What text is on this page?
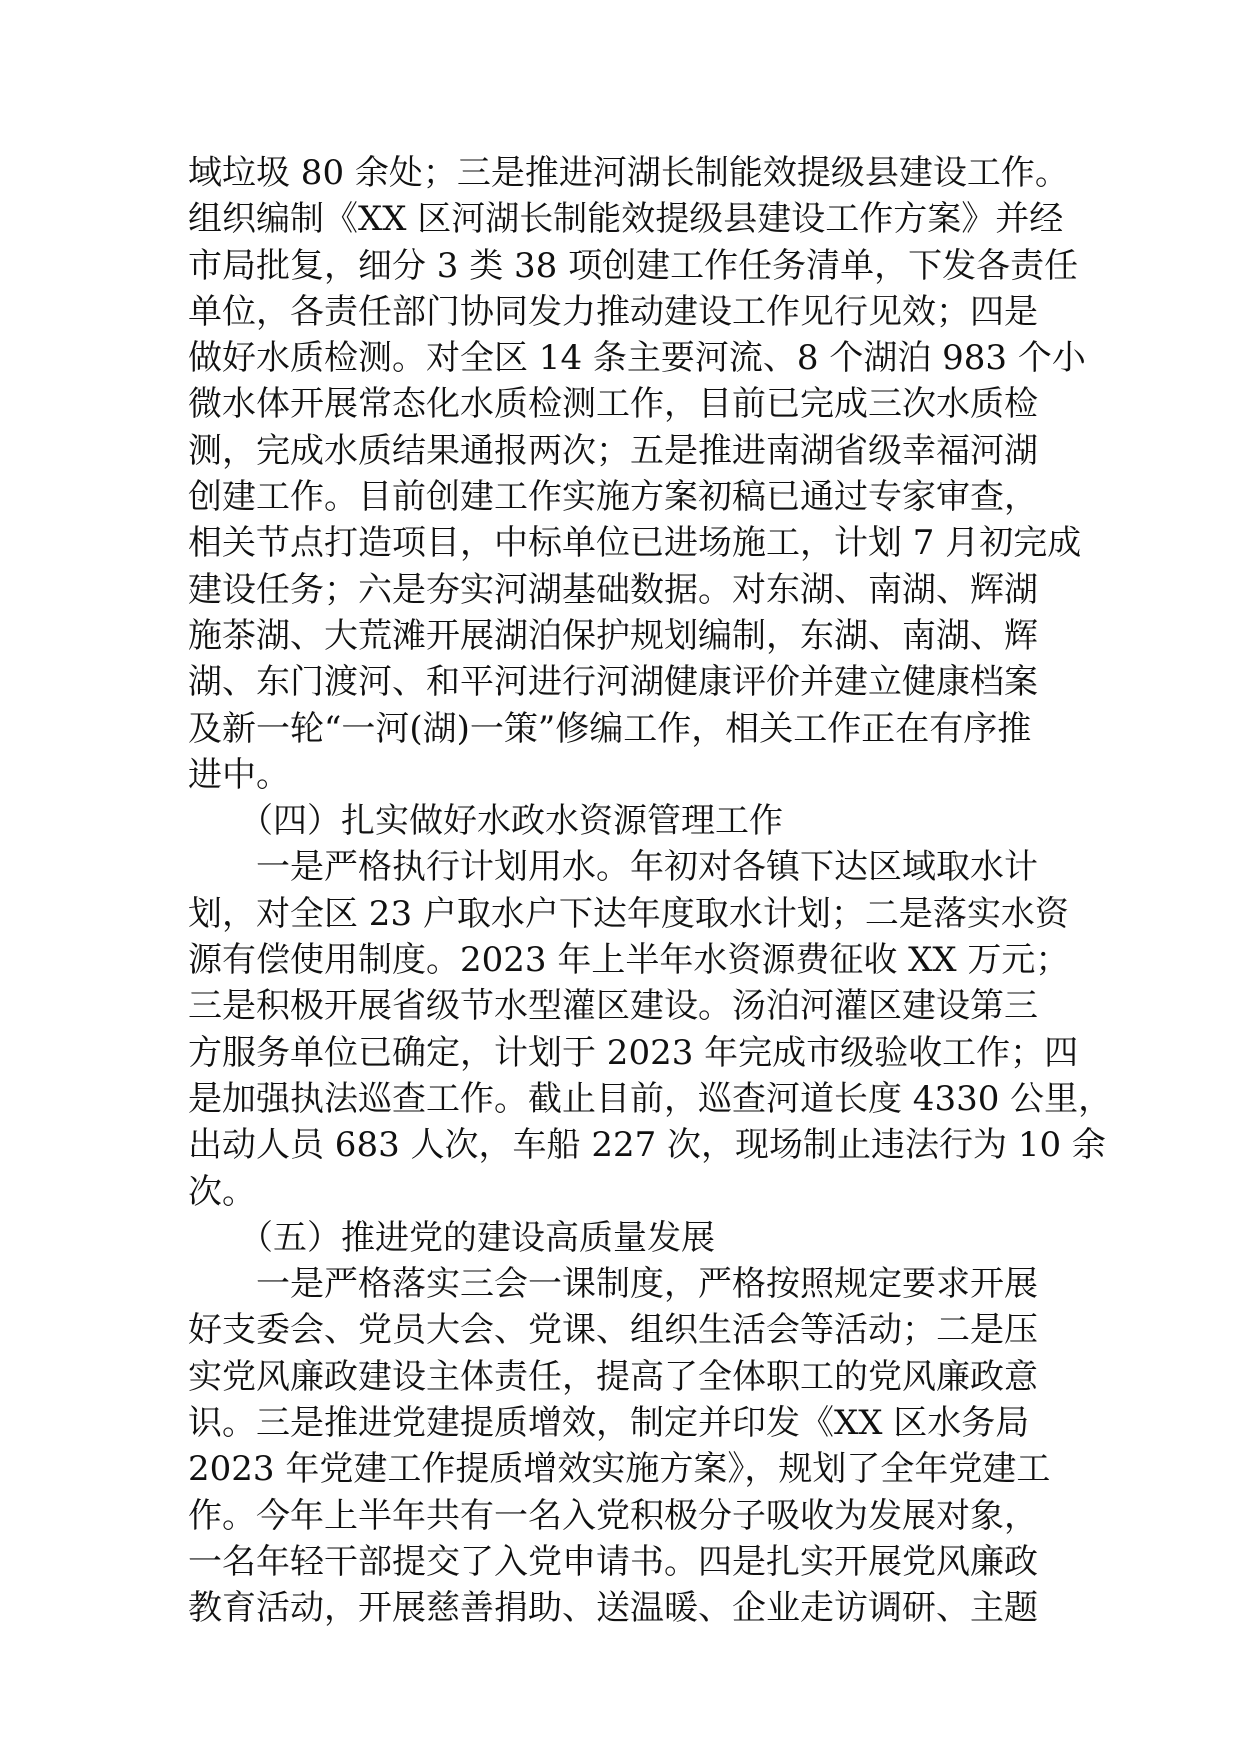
域垃圾 80 余处；三是推进河湖长制能效提级县建设工作。
组织编制《XX 区河湖长制能效提级县建设工作方案》并经
市局批复，细分 3 类 38 项创建工作任务清单，下发各责任
单位，各责任部门协同发力推动建设工作见行见效；四是
做好水质检测。对全区 14 条主要河流、8 个湖泊 983 个小
微水体开展常态化水质检测工作，目前已完成三次水质检
测，完成水质结果通报两次；五是推进南湖省级幸福河湖
创建工作。目前创建工作实施方案初稿已通过专家审查，
相关节点打造项目，中标单位已进场施工，计划 7 月初完成
建设任务；六是夯实河湖基础数据。对东湖、南湖、辉湖
施茶湖、大荒滩开展湖泊保护规划编制，东湖、南湖、辉
湖、东门渡河、和平河进行河湖健康评价并建立健康档案
及新一轮“一河(湖)一策”修编工作，相关工作正在有序推
进中。
　　（四）扎实做好水政水资源管理工作
　　一是严格执行计划用水。年初对各镇下达区域取水计
划，对全区 23 户取水户下达年度取水计划；二是落实水资
源有偿使用制度。2023 年上半年水资源费征收 XX 万元；
三是积极开展省级节水型灌区建设。汤泊河灌区建设第三
方服务单位已确定，计划于 2023 年完成市级验收工作；四
是加强执法巡查工作。截止目前，巡查河道长度 4330 公里，
出动人员 683 人次，车船 227 次，现场制止违法行为 10 余
次。
　　（五）推进党的建设高质量发展
　　一是严格落实三会一课制度，严格按照规定要求开展
好支委会、党员大会、党课、组织生活会等活动；二是压
实党风廉政建设主体责任，提高了全体职工的党风廉政意
识。三是推进党建提质增效，制定并印发《XX 区水务局
2023 年党建工作提质增效实施方案》，规划了全年党建工
作。今年上半年共有一名入党积极分子吸收为发展对象，
一名年轻干部提交了入党申请书。四是扎实开展党风廉政
教育活动，开展慈善捐助、送温暖、企业走访调研、主题
